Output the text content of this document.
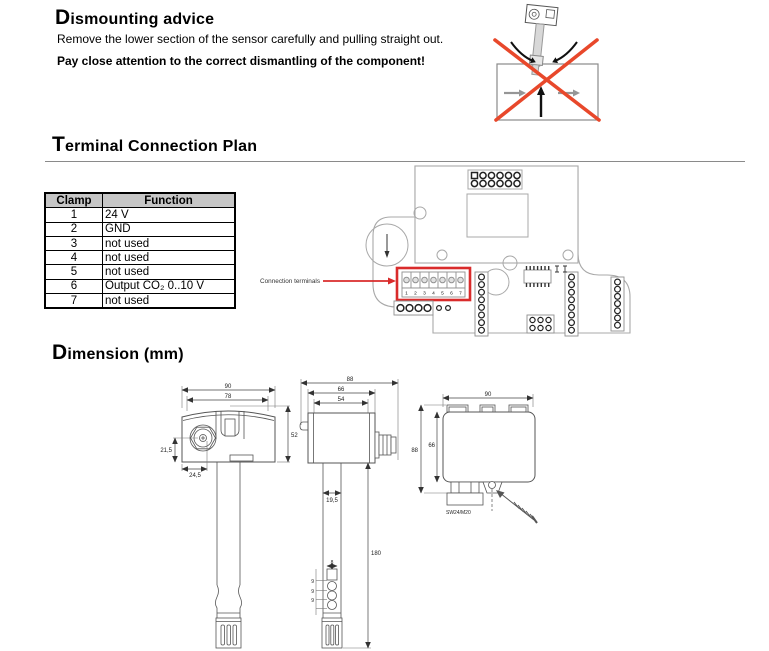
Dismounting advice

Remove the lower section of the sensor carefully and pulling straight out.

Pay close attention to the correct dismantling of the component!

Terminal Connection Plan
Clamp	Function
1	24 V
2	GND
3	not used
4	not used
5	not used
6	Output CO₂ 0..10 V
7	not used
1 2 3 4 5 6 7
Connection terminals
Dimension (mm)
90
78
52
21,5
24,5
88
66
54
19,5
8
9
9
9
180
90
88
66
SW24/M20
